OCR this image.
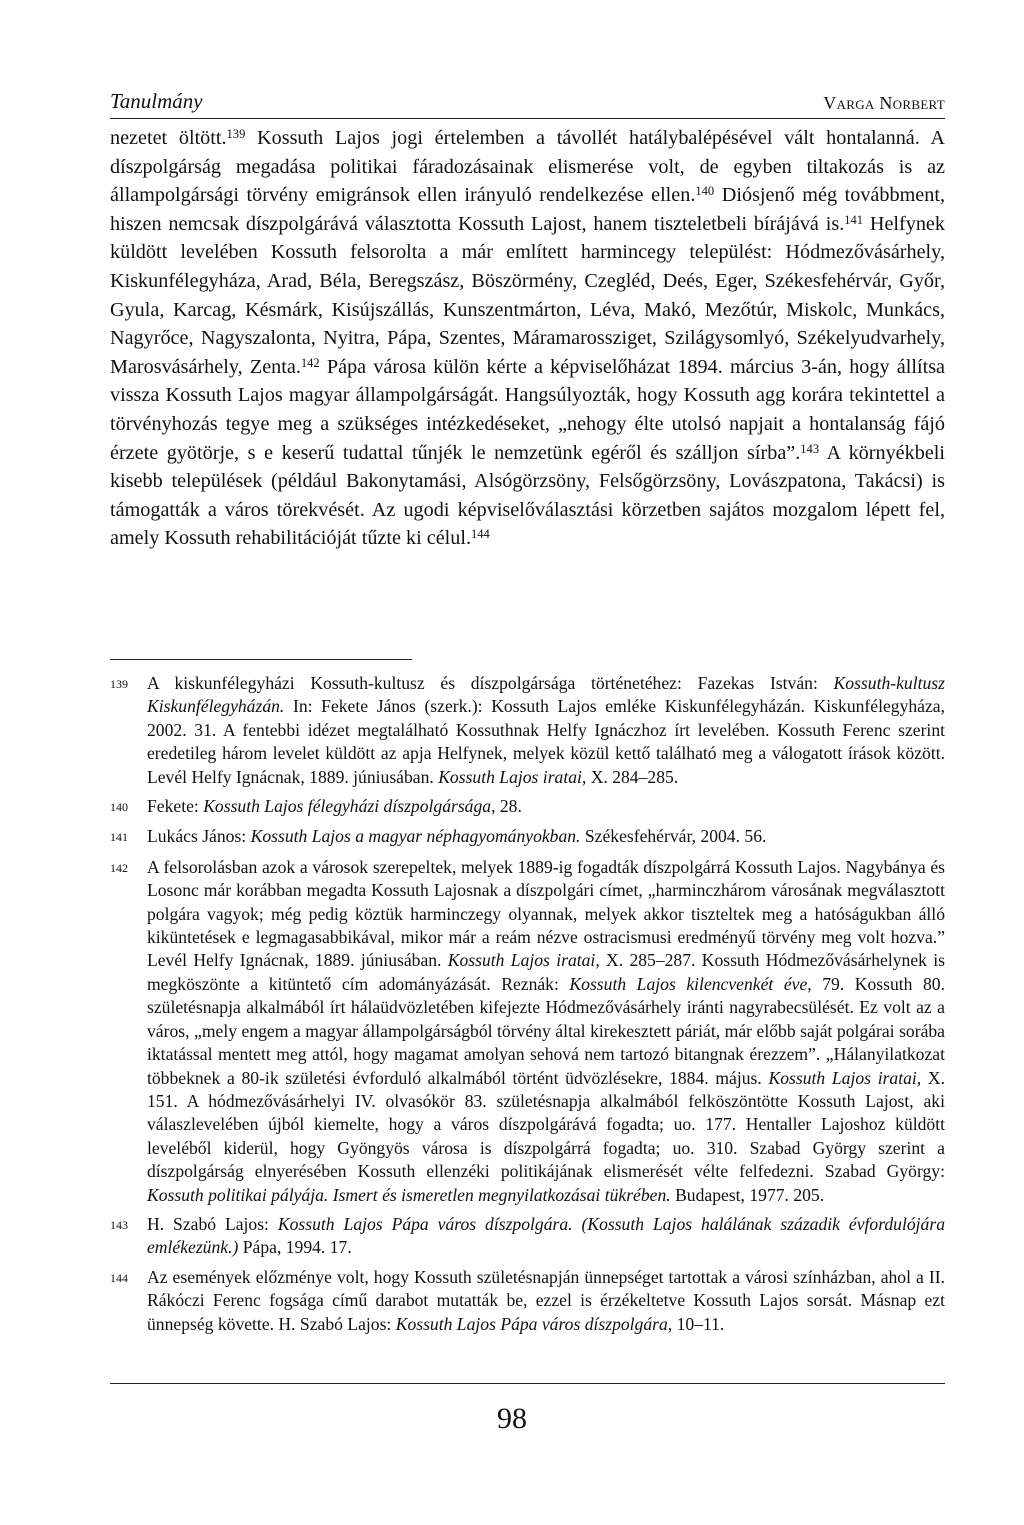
Tanulmány	Varga Norbert

nezetet öltött.$^{139}$ Kossuth Lajos jogi értelemben a távollét hatálybalépésével vált hontalanná. A díszpolgárság megadása politikai fáradozásainak elismerése volt, de egyben tiltakozás is az állampolgársági törvény emigránsok ellen irányuló rendelkezése ellen.$^{140}$ Diósjenő még továbbment, hiszen nemcsak díszpolgárává választotta Kossuth Lajost, hanem tiszteletbeli bírájává is.$^{141}$ Helfynek küldött levelében Kossuth felsorolta a már említett harmincegy települést: Hódmezővásárhely, Kiskunfélegyháza, Arad, Béla, Beregszász, Böszörmény, Czegléd, Deés, Eger, Székesfehérvár, Győr, Gyula, Karcag, Késmárk, Kisújszállás, Kunszentmárton, Léva, Makó, Mezőtúr, Miskolc, Munkács, Nagyrőce, Nagyszalonta, Nyitra, Pápa, Szentes, Máramarossziget, Szilágysomlyó, Székelyudvarhely, Marosvásárhely, Zenta.$^{142}$ Pápa városa külön kérte a képviselőházat 1894. március 3-án, hogy állítsa vissza Kossuth Lajos magyar állampolgárságát. Hangsúlyozták, hogy Kossuth agg korára tekintettel a törvényhozás tegye meg a szükséges intézkedéseket, „nehogy élte utolsó napjait a hontalanság fájó érzete gyötörje, s e keserű tudattal tűnjék le nemzetünk egéről és szálljon sírba”.$^{143}$ A környékbeli kisebb települések (például Bakonytamási, Alsógörzsöny, Felsőgörzsöny, Lovászpatona, Takácsi) is támogatták a város törekvését. Az ugodi képviselőválasztási körzetben sajátos mozgalom lépett fel, amely Kossuth rehabilitációját tűzte ki célul.$^{144}$

139	A kiskunfélegyházi Kossuth-kultusz és díszpolgársága történetéhez: Fazekas István: Kossuth-kultusz Kiskunfélegyházán. In: Fekete János (szerk.): Kossuth Lajos emléke Kiskunfélegyházán. Kiskunfélegyháza, 2002. 31. A fentebbi idézet megtalálható Kossuthnak Helfy Ignáczhoz írt levelében. Kossuth Ferenc szerint eredetileg három levelet küldött az apja Helfynek, melyek közül kettő található meg a válogatott írások között. Levél Helfy Ignácnak, 1889. júniusában. Kossuth Lajos iratai, X. 284–285.
140	Fekete: Kossuth Lajos félegyházi díszpolgársága, 28.
141	Lukács János: Kossuth Lajos a magyar néphagyományokban. Székesfehérvár, 2004. 56.
142	A felsorolásban azok a városok szerepeltek, melyek 1889-ig fogadták díszpolgárrá Kossuth Lajos. Nagybánya és Losonc már korábban megadta Kossuth Lajosnak a díszpolgári címet, „harminczhárom városának megválasztott polgára vagyok; még pedig köztük harminczegy olyannak, melyek akkor tiszteltek meg a hatóságukban álló kiküntetések e legmagasabbikával, mikor már a reám nézve ostracismusi eredményű törvény meg volt hozva.” Levél Helfy Ignácnak, 1889. júniusában. Kossuth Lajos iratai, X. 285–287. Kossuth Hódmezővásárhelynek is megköszönte a kitüntető cím adományázását. Reznák: Kossuth Lajos kilencvenkét éve, 79. Kossuth 80. születésnapja alkalmából írt hálaüdvözletében kifejezte Hódmezővásárhely iránti nagyrabecsülését. Ez volt az a város, „mely engem a magyar állampolgárságból törvény által kirekesztett páriát, már előbb saját polgárai sorába iktatással mentett meg attól, hogy magamat amolyan sehová nem tartozó bitangnak érezzem”. „Hálanyilatkozat többeknek a 80-ik születési évforduló alkalmából történt üdvözlésekre, 1884. május. Kossuth Lajos iratai, X. 151. A hódmezővásárhelyi IV. olvasókör 83. születésnapja alkalmából felköszöntötte Kossuth Lajost, aki válaszlevelében újból kiemelte, hogy a város díszpolgárává fogadta; uo. 177. Hentaller Lajoshoz küldött leveléből kiderül, hogy Gyöngyös városa is díszpolgárrá fogadta; uo. 310. Szabad György szerint a díszpolgárság elnyerésében Kossuth ellenzéki politikájának elismerését vélte felfedezni. Szabad György: Kossuth politikai pályája. Ismert és ismeretlen megnyilatkozásai tükrében. Budapest, 1977. 205.
143	H. Szabó Lajos: Kossuth Lajos Pápa város díszpolgára. (Kossuth Lajos halálának századik évfordulójára emlékezünk.) Pápa, 1994. 17.
144	Az események előzménye volt, hogy Kossuth születésnapján ünnepséget tartottak a városi színházban, ahol a II. Rákóczi Ferenc fogsága című darabot mutatták be, ezzel is érzékeltetve Kossuth Lajos sorsát. Másnap ezt ünnepség követte. H. Szabó Lajos: Kossuth Lajos Pápa város díszpolgára, 10–11.
98
